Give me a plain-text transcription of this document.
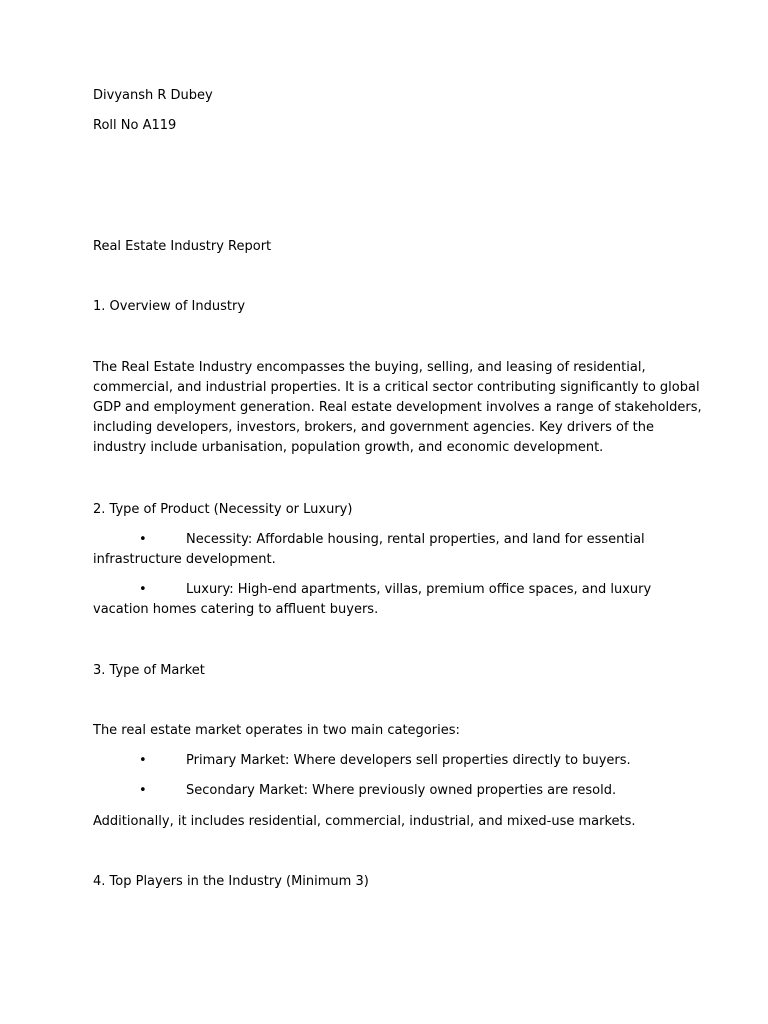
Divyansh R Dubey
Roll No A119
Real Estate Industry Report
1. Overview of Industry
The Real Estate Industry encompasses the buying, selling, and leasing of residential,
commercial, and industrial properties. It is a critical sector contributing significantly to global
GDP and employment generation. Real estate development involves a range of stakeholders,
including developers, investors, brokers, and government agencies. Key drivers of the
industry include urbanisation, population growth, and economic development.
2. Type of Product (Necessity or Luxury)
•	Necessity: Affordable housing, rental properties, and land for essential
infrastructure development.
•	Luxury: High-end apartments, villas, premium office spaces, and luxury
vacation homes catering to affluent buyers.
3. Type of Market
The real estate market operates in two main categories:
•	Primary Market: Where developers sell properties directly to buyers.
•	Secondary Market: Where previously owned properties are resold.
Additionally, it includes residential, commercial, industrial, and mixed-use markets.
4. Top Players in the Industry (Minimum 3)
